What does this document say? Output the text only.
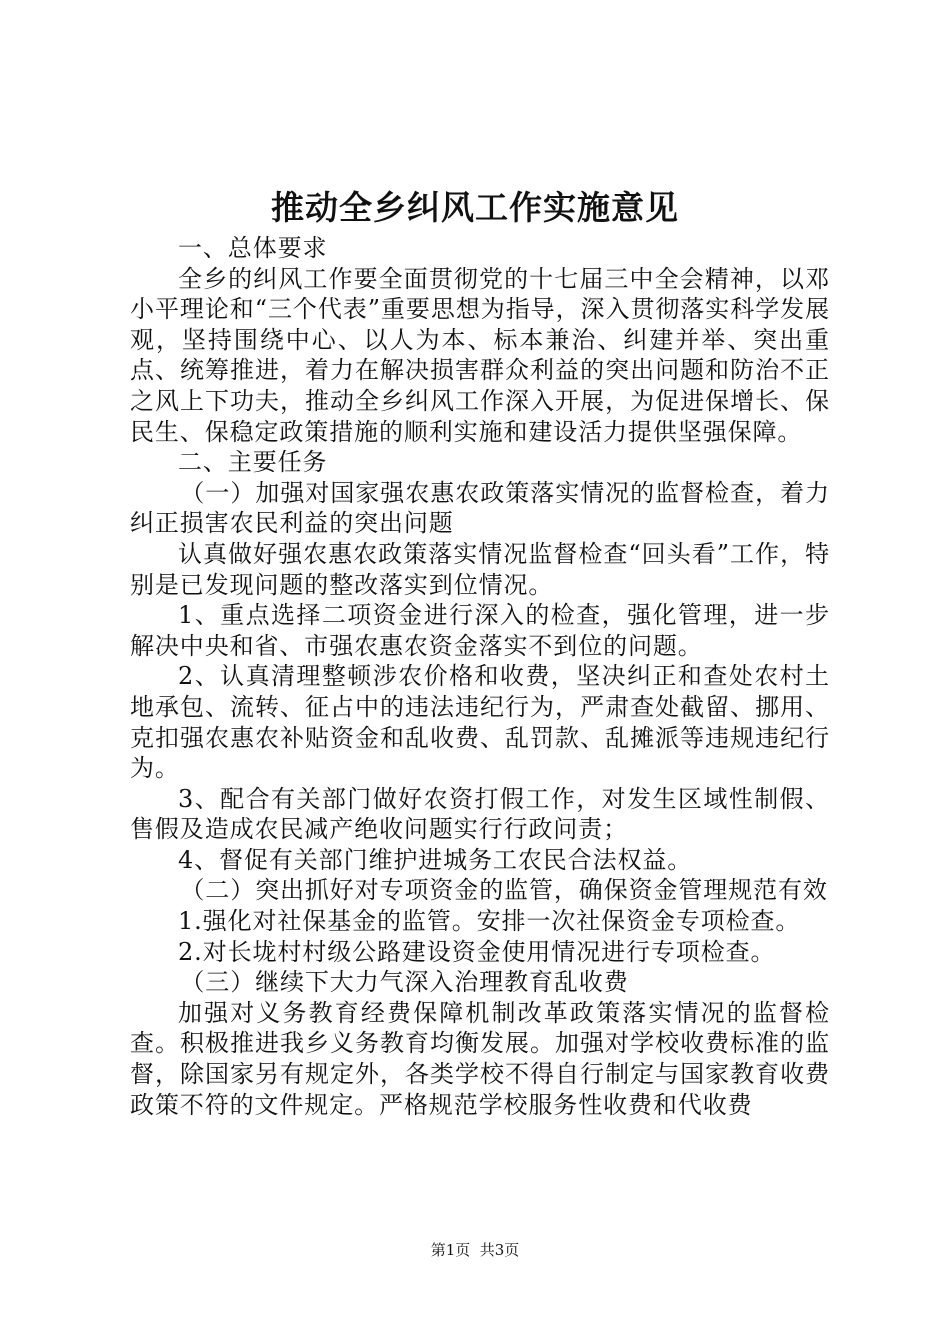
推动全乡纠风工作实施意见

一、总体要求

全乡的纠风工作要全面贯彻党的十七届三中全会精神，以邓小平理论和“三个代表”重要思想为指导，深入贯彻落实科学发展观，坚持围绕中心、以人为本、标本兼治、纠建并举、突出重点、统筹推进，着力在解决损害群众利益的突出问题和防治不正之风上下功夫，推动全乡纠风工作深入开展，为促进保增长、保民生、保稳定政策措施的顺利实施和建设活力提供坚强保障。

二、主要任务

（一）加强对国家强农惠农政策落实情况的监督检查，着力纠正损害农民利益的突出问题

认真做好强农惠农政策落实情况监督检查“回头看”工作，特别是已发现问题的整改落实到位情况。

1、重点选择二项资金进行深入的检查，强化管理，进一步解决中央和省、市强农惠农资金落实不到位的问题。

2、认真清理整顿涉农价格和收费，坚决纠正和查处农村土地承包、流转、征占中的违法违纪行为，严肃查处截留、挪用、克扣强农惠农补贴资金和乱收费、乱罚款、乱摊派等违规违纪行为。

3、配合有关部门做好农资打假工作，对发生区域性制假、售假及造成农民减产绝收问题实行行政问责；

4、督促有关部门维护进城务工农民合法权益。

（二）突出抓好对专项资金的监管，确保资金管理规范有效

1.强化对社保基金的监管。安排一次社保资金专项检查。

2.对长垅村村级公路建设资金使用情况进行专项检查。

（三）继续下大力气深入治理教育乱收费

加强对义务教育经费保障机制改革政策落实情况的监督检查。积极推进我乡义务教育均衡发展。加强对学校收费标准的监督，除国家另有规定外，各类学校不得自行制定与国家教育收费政策不符的文件规定。严格规范学校服务性收费和代收费

第1页  共3页
